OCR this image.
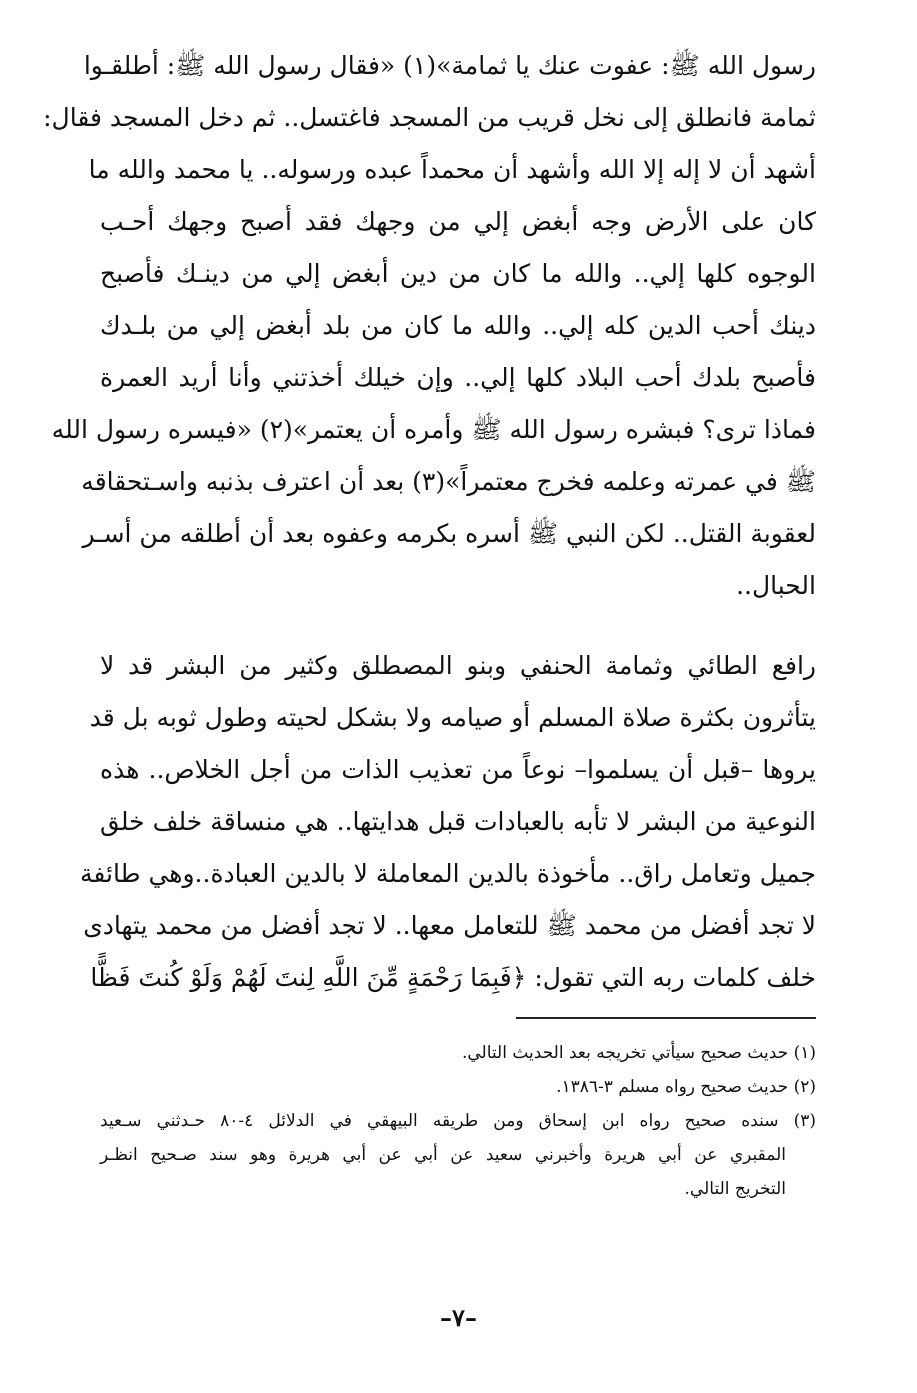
رسول الله ﷺ: عفوت عنك يا ثمامة»(١) «فقال رسول الله ﷺ: أطلقـوا
ثمامة فانطلق إلى نخل قريب من المسجد فاغتسل.. ثم دخل المسجد فقال:
أشهد أن لا إله إلا الله وأشهد أن محمداً عبده ورسوله.. يا محمد والله ما
كان على الأرض وجه أبغض إلي من وجهك فقد أصبح وجهك أحـب
الوجوه كلها إلي.. والله ما كان من دين أبغض إلي من دينـك فأصبح
دينك أحب الدين كله إلي.. والله ما كان من بلد أبغض إلي من بلـدك
فأصبح بلدك أحب البلاد كلها إلي.. وإن خيلك أخذتني وأنا أريد العمرة
فماذا ترى؟ فبشره رسول الله ﷺ وأمره أن يعتمر»(٢) «فيسره رسول الله
ﷺ في عمرته وعلمه فخرج معتمراً»(٣) بعد أن اعترف بذنبه واسـتحقاقه
لعقوبة القتل.. لكن النبي ﷺ أسره بكرمه وعفوه بعد أن أطلقه من أسـر
الحبال..
رافع الطائي وثمامة الحنفي وبنو المصطلق وكثير من البشر قد لا
يتأثرون بكثرة صلاة المسلم أو صيامه ولا بشكل لحيته وطول ثوبه بل قد
يروها –قبل أن يسلموا– نوعاً من تعذيب الذات من أجل الخلاص.. هذه
النوعية من البشر لا تأبه بالعبادات قبل هدايتها.. هي منساقة خلف خلق
جميل وتعامل راق.. مأخوذة بالدين المعاملة لا بالدين العبادة..وهي طائفة
لا تجد أفضل من محمد ﷺ للتعامل معها.. لا تجد أفضل من محمد يتهادى
خلف كلمات ربه التي تقول: ﴿فَبِمَا رَحْمَةٍ مِّنَ اللَّهِ لِنتَ لَهُمْ وَلَوْ كُنتَ فَظًّا
(١) حديث صحيح سيأتي تخريجه بعد الحديث التالي.
(٢) حديث صحيح رواه مسلم ٣-١٣٨٦.
(٣) سنده صحيح رواه ابن إسحاق ومن طريقه البيهقي في الدلائل ٤-٨٠ حـدثني سـعيد
المقبري عن أبي هريرة وأخبرني سعيد عن أبي عن أبي هريرة وهو سند صـحيح انظـر
التخريج التالي.
–٧–
